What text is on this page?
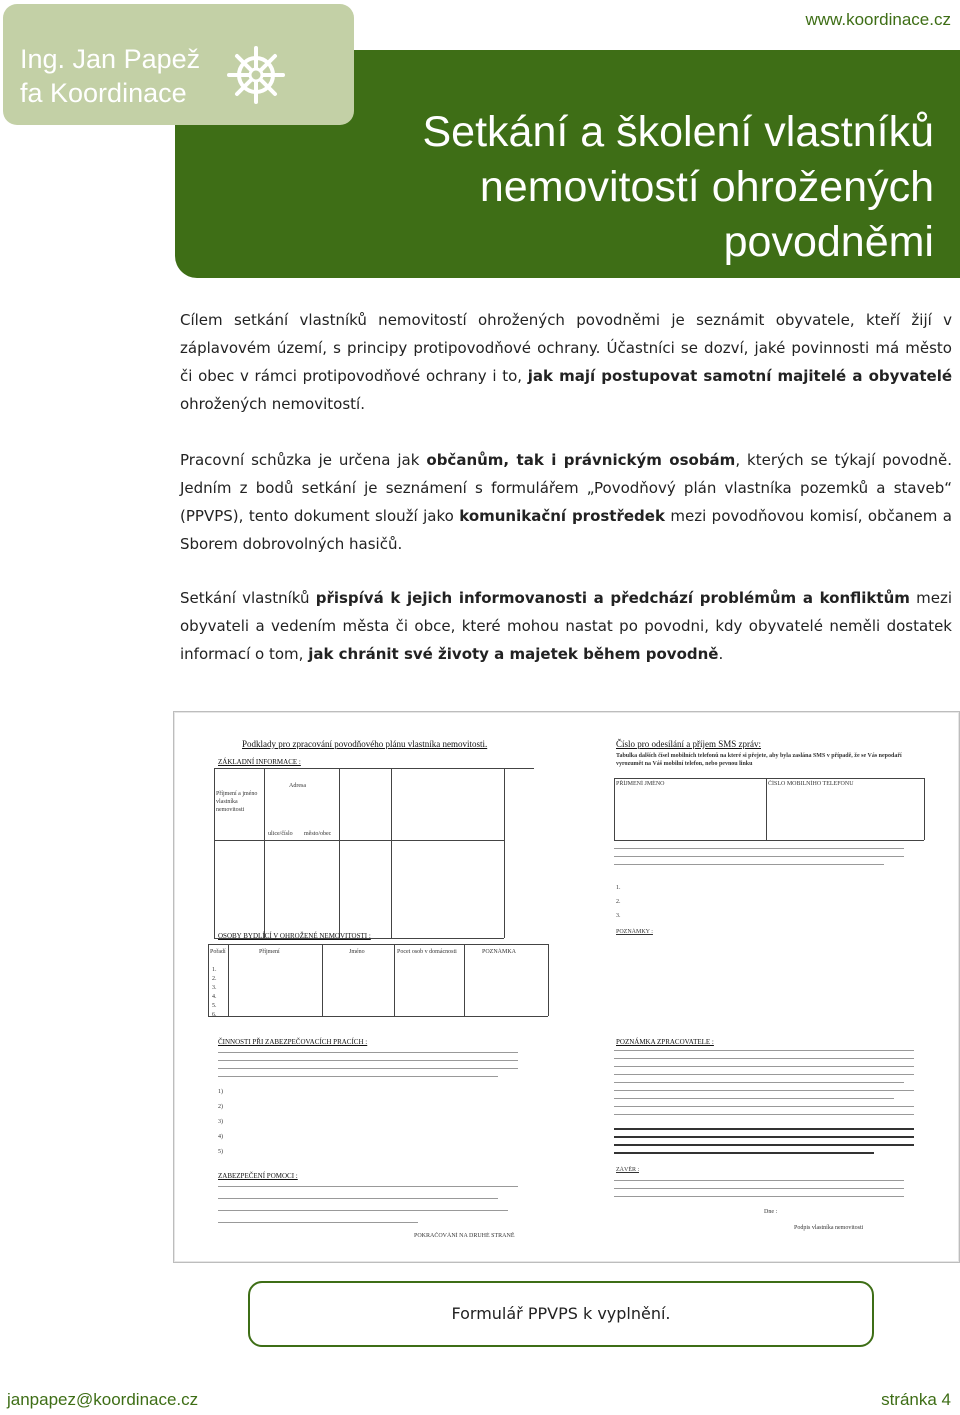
www.koordinace.cz
Setkání a školení vlastníků
nemovitostí ohrožených
povodněmi
Ing. Jan Papež
fa Koordinace
Cílem setkání vlastníků nemovitostí ohrožených povodněmi je seznámit obyvatele, kteří žijí v záplavovém území, s principy protipovodňové ochrany. Účastníci se dozví, jaké povinnosti má město či obec v rámci protipovodňové ochrany i to, jak mají postupovat samotní majitelé a obyvatelé ohrožených nemovitostí.
Pracovní schůzka je určena jak občanům, tak i právnickým osobám, kterých se týkají povodně. Jedním z bodů setkání je seznámení s formulářem „Povodňový plán vlastníka pozemků a staveb“ (PPVPS), tento dokument slouží jako komunikační prostředek mezi povodňovou komisí, občanem a Sborem dobrovolných hasičů.
Setkání vlastníků přispívá k jejich informovanosti a předchází problémům a konfliktům mezi obyvateli a vedením města či obce, které mohou nastat po povodni, kdy obyvatelé neměli dostatek informací o tom, jak chránit své životy a majetek během povodně.
Podklady pro zpracování povodňového plánu vlastníka nemovitosti.
ZÁKLADNÍ INFORMACE :
Příjmení a jméno vlastníka nemovitosti
Adresa
ulice/číslo město/obec
OSOBY BYDLÍCÍ V OHROŽENÉ NEMOVITOSTI :
Pořadí	Příjmení	Jméno	Pocet osob v domácnosti	POZNÁMKA
1.
2.
3.
4.
5.
6.
ČINNOSTI PŘI ZABEZPEČOVACÍCH PRACÍCH :
1)
2)
3)
4)
5)
ZABEZPEČENÍ POMOCI :
POKRAČOVÁNÍ NA DRUHÉ STRANĚ
Číslo pro odesílání a příjem SMS zpráv:
Tabulka dalších čísel mobilních telefonů na které si přejete, aby byla zaslána SMS v případě, že se Vás nepodaří vyrozumět na Váš mobilní telefon, nebo pevnou linku
PŘÍJMENÍ JMÉNO	ČÍSLO MOBILNÍHO TELEFONU
1.
2.
3.
POZNÁMKY :
POZNÁMKA ZPRACOVATELE :
ZÁVĚR :
Dne :
Podpis vlastníka nemovitosti
Formulář PPVPS k vyplnění.
janpapez@koordinace.cz	stránka 4
